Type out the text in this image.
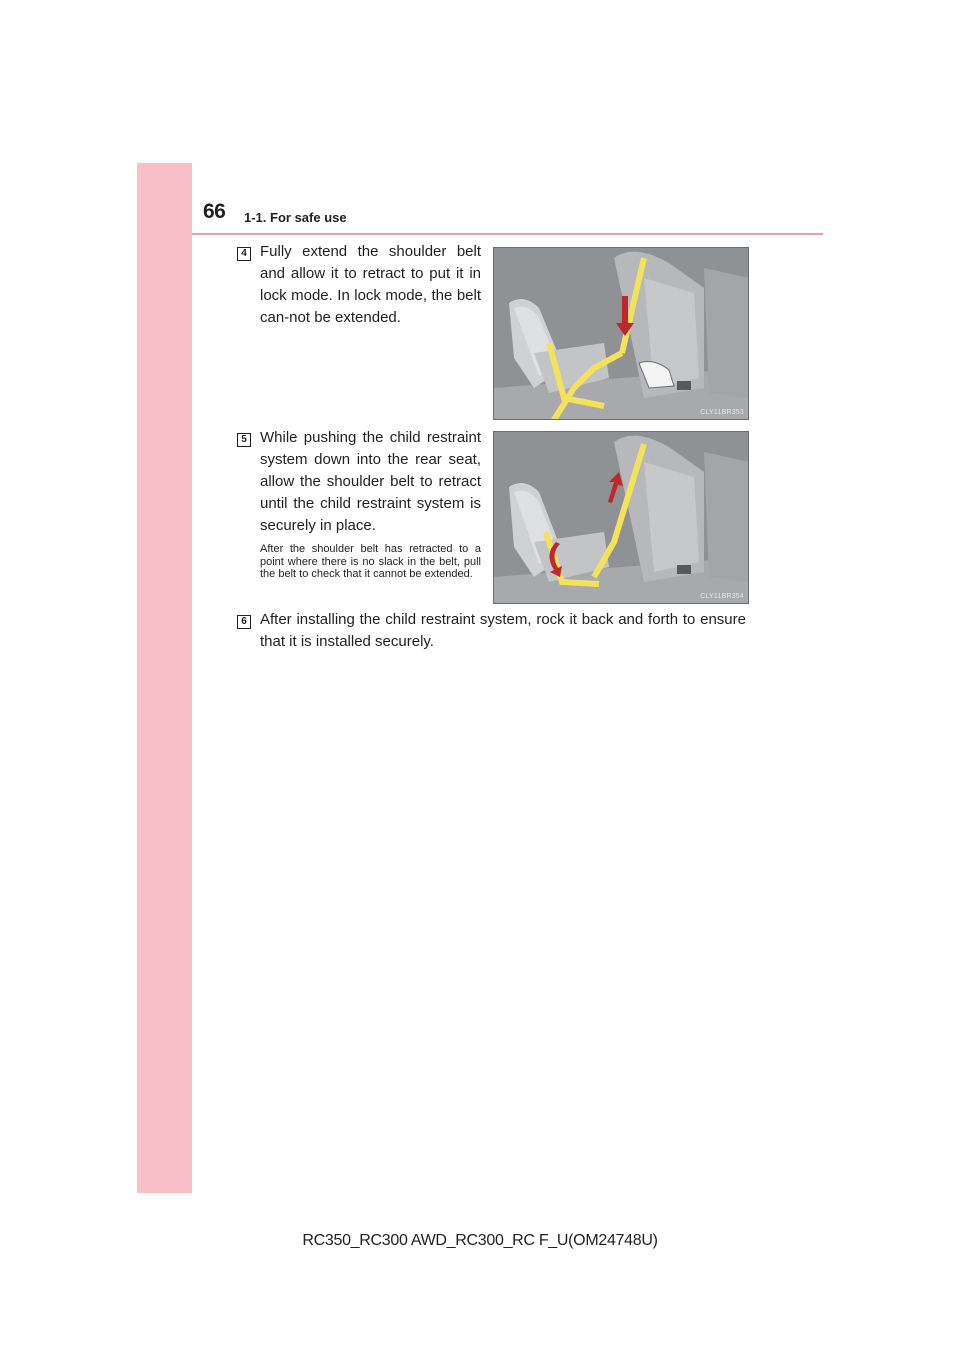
66 1-1. For safe use
4 Fully extend the shoulder belt and allow it to retract to put it in lock mode. In lock mode, the belt can-not be extended.
CLY11BR353
5 While pushing the child restraint system down into the rear seat, allow the shoulder belt to retract until the child restraint system is securely in place.
After the shoulder belt has retracted to a point where there is no slack in the belt, pull the belt to check that it cannot be extended.
CLY11BR354
6 After installing the child restraint system, rock it back and forth to ensure that it is installed securely.
RC350_RC300 AWD_RC300_RC F_U(OM24748U)
